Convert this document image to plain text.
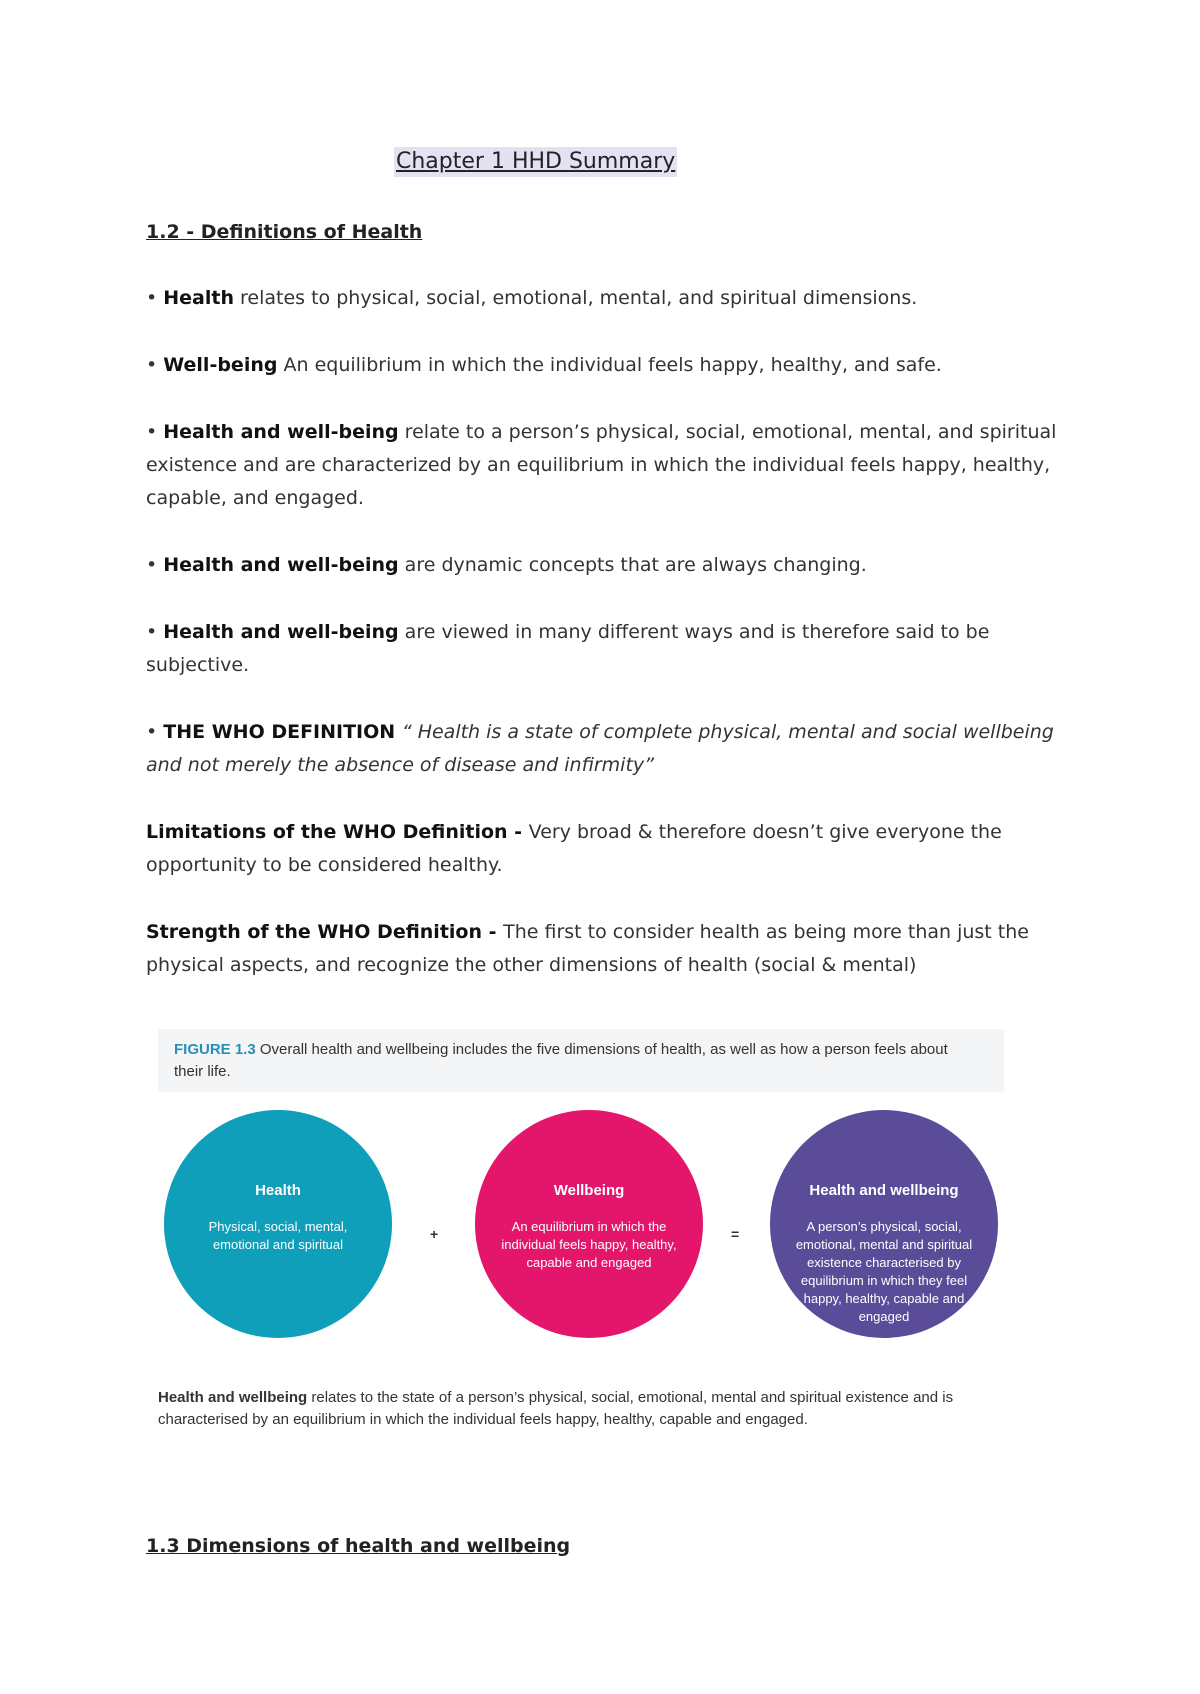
Chapter 1 HHD Summary
1.2 - Definitions of Health

• Health relates to physical, social, emotional, mental, and spiritual dimensions.

• Well-being An equilibrium in which the individual feels happy, healthy, and safe.

• Health and well-being relate to a person’s physical, social, emotional, mental, and spiritual existence and are characterized by an equilibrium in which the individual feels happy, healthy, capable, and engaged.

• Health and well-being are dynamic concepts that are always changing.

• Health and well-being are viewed in many different ways and is therefore said to be subjective.

• THE WHO DEFINITION “ Health is a state of complete physical, mental and social wellbeing and not merely the absence of disease and infirmity”

Limitations of the WHO Definition - Very broad & therefore doesn’t give everyone the opportunity to be considered healthy.

Strength of the WHO Definition - The first to consider health as being more than just the physical aspects, and recognize the other dimensions of health (social & mental)

FIGURE 1.3 Overall health and wellbeing includes the five dimensions of health, as well as how a person feels about their life.

Health
Physical, social, mental, emotional and spiritual
+
Wellbeing
An equilibrium in which the individual feels happy, healthy, capable and engaged
=
Health and wellbeing
A person’s physical, social, emotional, mental and spiritual existence characterised by equilibrium in which they feel happy, healthy, capable and engaged

Health and wellbeing relates to the state of a person’s physical, social, emotional, mental and spiritual existence and is characterised by an equilibrium in which the individual feels happy, healthy, capable and engaged.

1.3 Dimensions of health and wellbeing
